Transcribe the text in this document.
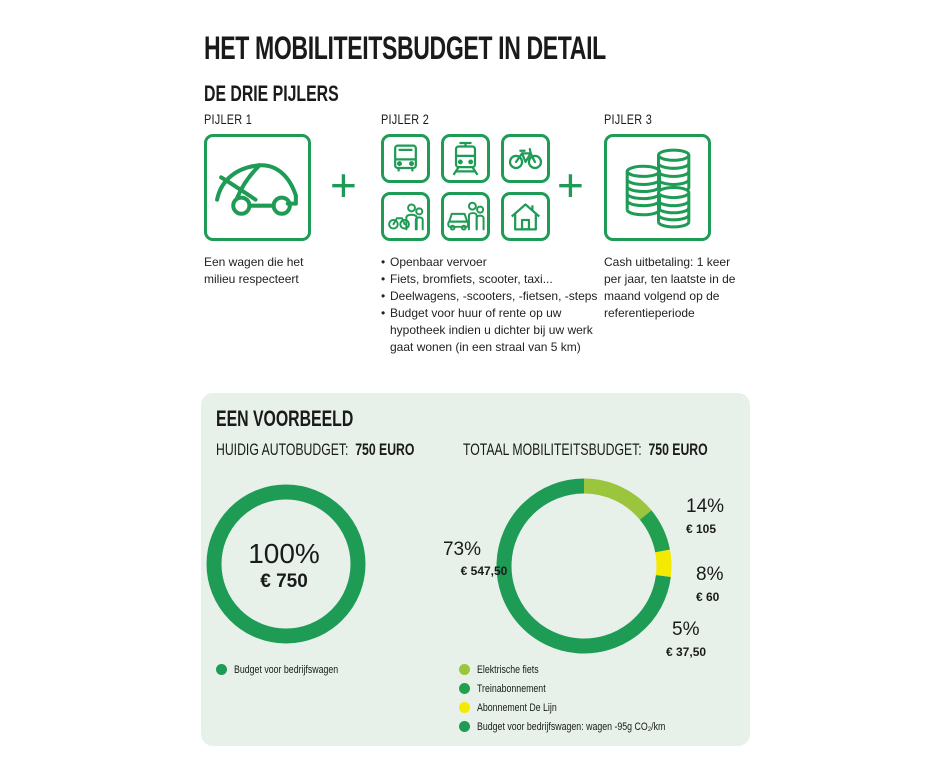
HET MOBILITEITSBUDGET IN DETAIL
DE DRIE PIJLERS
PIJLER 1	PIJLER 2	PIJLER 3
+	+
Een wagen die het milieu respecteert
• Openbaar vervoer
• Fiets, bromfiets, scooter, taxi...
• Deelwagens, -scooters, -fietsen, -steps
• Budget voor huur of rente op uw hypotheek indien u dichter bij uw werk gaat wonen (in een straal van 5 km)
Cash uitbetaling: 1 keer per jaar, ten laatste in de maand volgend op de referentieperiode
EEN VOORBEELD
HUIDIG AUTOBUDGET: 750 EURO	TOTAAL MOBILITEITSBUDGET: 750 EURO
100%
€ 750
14%
€ 105
8%
€ 60
5%
€ 37,50
73%
€ 547,50
Budget voor bedrijfswagen	Elektrische fiets
Treinabonnement
Abonnement De Lijn
Budget voor bedrijfswagen: wagen -95g CO₂/km
